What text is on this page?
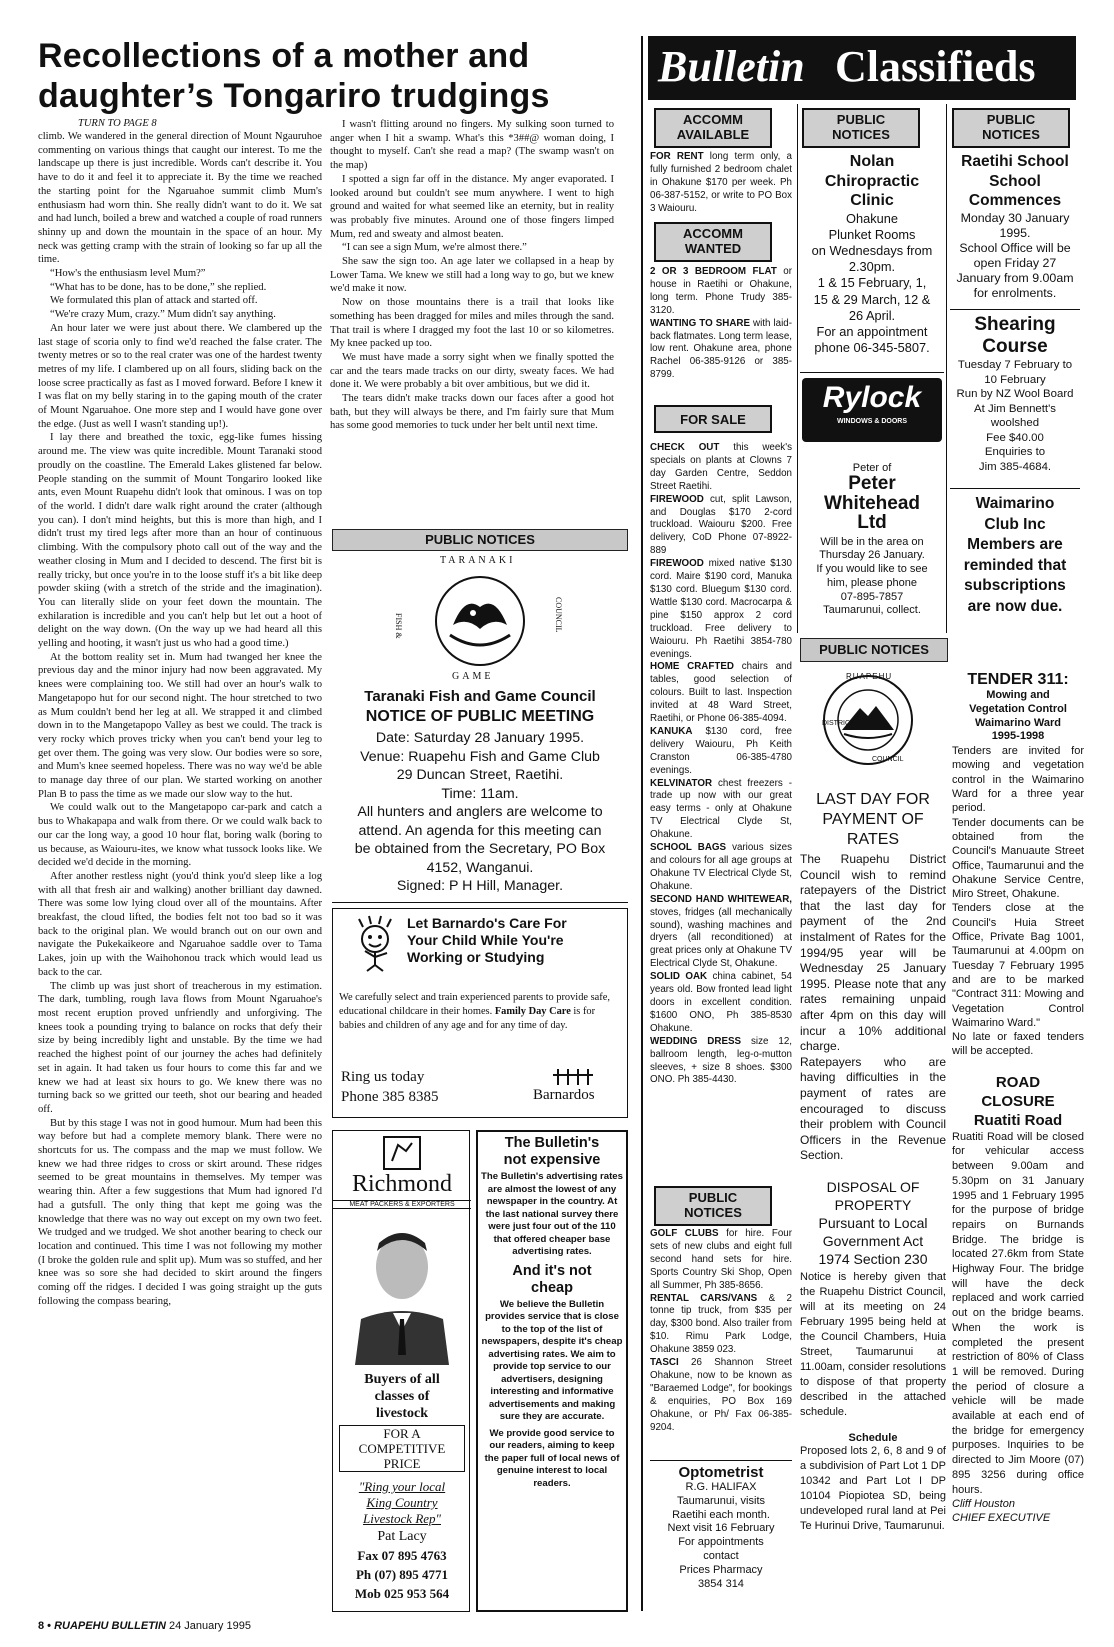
Recollections of a mother and
daughter’s Tongariro trudgings
TURN TO PAGE 8

climb. We wandered in the general direction of Mount Ngauruhoe commenting on various things that caught our interest. To me the landscape up there is just incredible. Words can't describe it. You have to do it and feel it to appreciate it. By the time we reached the starting point for the Ngaruahoe summit climb Mum's enthusiasm had worn thin. She really didn't want to do it. We sat and had lunch, boiled a brew and watched a couple of road runners shinny up and down the mountain in the space of an hour. My neck was getting cramp with the strain of looking so far up all the time.

“How's the enthusiasm level Mum?”

“What has to be done, has to be done,” she replied.

We formulated this plan of attack and started off.

“We're crazy Mum, crazy.” Mum didn't say anything.

An hour later we were just about there. We clambered up the last stage of scoria only to find we'd reached the false crater. The twenty metres or so to the real crater was one of the hardest twenty metres of my life. I clambered up on all fours, sliding back on the loose scree practically as fast as I moved forward. Before I knew it I was flat on my belly staring in to the gaping mouth of the crater of Mount Ngaruahoe. One more step and I would have gone over the edge. (Just as well I wasn't standing up!).

I lay there and breathed the toxic, egg-like fumes hissing around me. The view was quite incredible. Mount Taranaki stood proudly on the coastline. The Emerald Lakes glistened far below. People standing on the summit of Mount Tongariro looked like ants, even Mount Ruapehu didn't look that ominous. I was on top of the world. I didn't dare walk right around the crater (although you can). I don't mind heights, but this is more than high, and I didn't trust my tired legs after more than an hour of continuous climbing. With the compulsory photo call out of the way and the weather closing in Mum and I decided to descend. The first bit is really tricky, but once you're in to the loose stuff it's a bit like deep powder skiing (with a stretch of the stride and the imagination). You can literally slide on your feet down the mountain. The exhilaration is incredible and you can't help but let out a hoot of delight on the way down. (On the way up we had heard all this yelling and hooting, it wasn't just us who had a good time.)

At the bottom reality set in. Mum had twanged her knee the previous day and the minor injury had now been aggravated. My knees were complaining too. We still had over an hour's walk to Mangetapopo hut for our second night. The hour stretched to two as Mum couldn't bend her leg at all. We strapped it and climbed down in to the Mangetapopo Valley as best we could. The track is very rocky which proves tricky when you can't bend your leg to get over them. The going was very slow. Our bodies were so sore, and Mum's knee seemed hopeless. There was no way we'd be able to manage day three of our plan. We started working on another Plan B to pass the time as we made our slow way to the hut.

We could walk out to the Mangetapopo car-park and catch a bus to Whakapapa and walk from there. Or we could walk back to our car the long way, a good 10 hour flat, boring walk (boring to us because, as Waiouru-ites, we know what tussock looks like. We decided we'd decide in the morning.

After another restless night (you'd think you'd sleep like a log with all that fresh air and walking) another brilliant day dawned. There was some low lying cloud over all of the mountains. After breakfast, the cloud lifted, the bodies felt not too bad so it was back to the original plan. We would branch out on our own and navigate the Pukekaikeore and Ngaruahoe saddle over to Tama Lakes, join up with the Waihohonou track which would lead us back to the car.

The climb up was just short of treacherous in my estimation. The dark, tumbling, rough lava flows from Mount Ngaruahoe's most recent eruption proved unfriendly and unforgiving. The knees took a pounding trying to balance on rocks that defy their size by being incredibly light and unstable. By the time we had reached the highest point of our journey the aches had definitely set in again. It had taken us four hours to come this far and we knew we had at least six hours to go. We knew there was no turning back so we gritted our teeth, shot our bearing and headed off.

But by this stage I was not in good humour. Mum had been this way before but had a complete memory blank. There were no shortcuts for us. The compass and the map we must follow. We knew we had three ridges to cross or skirt around. These ridges seemed to be great mountains in themselves. My temper was wearing thin. After a few suggestions that Mum had ignored I'd had a gutsfull. The only thing that kept me going was the knowledge that there was no way out except on my own two feet. We trudged and we trudged. We shot another bearing to check our location and continued. This time I was not following my mother (I broke the golden rule and split up). Mum was so stuffed, and her knee was so sore she had decided to skirt around the fingers coming off the ridges. I decided I was going straight up the guts following the compass bearing,

I wasn't flitting around no fingers. My sulking soon turned to anger when I hit a swamp. What's this *3##@ woman doing, I thought to myself. Can't she read a map? (The swamp wasn't on the map)

I spotted a sign far off in the distance. My anger evaporated. I looked around but couldn't see mum anywhere. I went to high ground and waited for what seemed like an eternity, but in reality was probably five minutes. Around one of those fingers limped Mum, red and sweaty and almost beaten.

“I can see a sign Mum, we're almost there.”

She saw the sign too. An age later we collapsed in a heap by Lower Tama. We knew we still had a long way to go, but we knew we'd make it now.

Now on those mountains there is a trail that looks like something has been dragged for miles and miles through the sand. That trail is where I dragged my foot the last 10 or so kilometres. My knee packed up too.

We must have made a sorry sight when we finally spotted the car and the tears made tracks on our dirty, sweaty faces. We had done it. We were probably a bit over ambitious, but we did it.

The tears didn't make tracks down our faces after a good hot bath, but they will always be there, and I'm fairly sure that Mum has some good memories to tuck under her belt until next time.

PUBLIC NOTICES
TARANAKI
GAME
FISH &	COUNCIL
Taranaki Fish and Game Council
NOTICE OF PUBLIC MEETING
Date: Saturday 28 January 1995.
Venue: Ruapehu Fish and Game Club
29 Duncan Street, Raetihi.
Time: 11am.
All hunters and anglers are welcome to
attend. An agenda for this meeting can
be obtained from the Secretary, PO Box
4152, Wanganui.
Signed: P H Hill, Manager.
Let Barnardo's Care For
Your Child While You're
Working or Studying
We carefully select and train experienced parents to provide safe, educational childcare in their homes. Family Day Care is for babies and children of any age and for any time of day.
Ring us today
Phone 385 8385	Barnardos
Richmond
MEAT PACKERS & EXPORTERS
Buyers of all
classes of
livestock
FOR A
COMPETITIVE
PRICE
"Ring your local
King Country
Livestock Rep"
Pat Lacy
Fax 07 895 4763
Ph (07) 895 4771
Mob 025 953 564
The Bulletin's
not expensive
The Bulletin's advertising rates are almost the lowest of any newspaper in the country. At the last national survey there were just four out of the 110 that offered cheaper base advertising rates.
And it's not
cheap
We believe the Bulletin provides service that is close to the top of the list of newspapers, despite it's cheap advertising rates. We aim to provide top service to our advertisers, designing interesting and informative advertisements and making sure they are accurate.
We provide good service to our readers, aiming to keep the paper full of local news of genuine interest to local readers.
Bulletin Classifieds
ACCOMM
AVAILABLE
FOR RENT long term only, a fully furnished 2 bedroom chalet in Ohakune $170 per week. Ph 06-387-5152, or write to PO Box 3 Waiouru.
ACCOMM
WANTED
2 OR 3 BEDROOM FLAT or house in Raetihi or Ohakune, long term. Phone Trudy 385-3120.
WANTING TO SHARE with laid-back flatmates. Long term lease, low rent. Ohakune area, phone Rachel 06-385-9126 or 385-8799.
FOR SALE
CHECK OUT this week's specials on plants at Clowns 7 day Garden Centre, Seddon Street Raetihi.
FIREWOOD cut, split Lawson, and Douglas $170 2-cord truckload. Waiouru $200. Free delivery, CoD Phone 07-8922-889
FIREWOOD mixed native $130 cord. Maire $190 cord, Manuka $130 cord. Bluegum $130 cord. Wattle $130 cord. Macrocarpa & pine $150 approx 2 cord truckload. Free delivery to Waiouru. Ph Raetihi 3854-780 evenings.
HOME CRAFTED chairs and tables, good selection of colours. Built to last. Inspection invited at 48 Ward Street, Raetihi, or Phone 06-385-4094.
KANUKA $130 cord, free delivery Waiouru, Ph Keith Cranston 06-385-4780 evenings.
KELVINATOR chest freezers - trade up now with our great easy terms - only at Ohakune TV Electrical Clyde St, Ohakune.
SCHOOL BAGS various sizes and colours for all age groups at Ohakune TV Electrical Clyde St, Ohakune.
SECOND HAND WHITEWEAR, stoves, fridges (all mechanically sound), washing machines and dryers (all reconditioned) at great prices only at Ohakune TV Electrical Clyde St, Ohakune.
SOLID OAK china cabinet, 54 years old. Bow fronted lead light doors in excellent condition. $1600 ONO, Ph 385-8530 Ohakune.
WEDDING DRESS size 12, ballroom length, leg-o-mutton sleeves, + size 8 shoes. $300 ONO. Ph 385-4430.
PUBLIC
NOTICES
GOLF CLUBS for hire. Four sets of new clubs and eight full second hand sets for hire. Sports Country Ski Shop, Open all Summer, Ph 385-8656.
RENTAL CARS/VANS & 2 tonne tip truck, from $35 per day, $300 bond. Also trailer from $10. Rimu Park Lodge, Ohakune 3859 023.
TASCI 26 Shannon Street Ohakune, now to be known as "Baraemed Lodge", for bookings & enquiries, PO Box 169 Ohakune, or Ph/ Fax 06-385-9204.
Optometrist
R.G. HALIFAX
Taumarunui, visits
Raetihi each month.
Next visit 16 February
For appointments
contact
Prices Pharmacy
3854 314
PUBLIC
NOTICES
Nolan
Chiropractic
Clinic
Ohakune
Plunket Rooms
on Wednesdays from
2.30pm.
1 & 15 February, 1,
15 & 29 March, 12 &
26 April.
For an appointment
phone 06-345-5807.
Rylock
WINDOWS & DOORS
Peter of
Peter
Whitehead
Ltd
Will be in the area on
Thursday 26 January.
If you would like to see
him, please phone
07-895-7857
Taumarunui, collect.
PUBLIC
NOTICES
Raetihi School
School
Commences
Monday 30 January
1995.
School Office will be
open Friday 27
January from 9.00am
for enrolments.
Shearing
Course
Tuesday 7 February to
10 February
Run by NZ Wool Board
At Jim Bennett's
woolshed
Fee $40.00
Enquiries to
Jim 385-4684.
Waimarino
Club Inc
Members are
reminded that
subscriptions
are now due.
PUBLIC NOTICES
RUAPEHU
DISTRICT
COUNCIL
LAST DAY FOR
PAYMENT OF
RATES
The Ruapehu District Council wish to remind ratepayers of the District that the last day for payment of the 2nd instalment of Rates for the 1994/95 year will be Wednesday 25 January 1995. Please note that any rates remaining unpaid after 4pm on this day will incur a 10% additional charge.
Ratepayers who are having difficulties in the payment of rates are encouraged to discuss their problem with Council Officers in the Revenue Section.
DISPOSAL OF
PROPERTY
Pursuant to Local
Government Act
1974 Section 230
Notice is hereby given that the Ruapehu District Council, will at its meeting on 24 February 1995 being held at the Council Chambers, Huia Street, Taumarunui at 11.00am, consider resolutions to dispose of that property described in the attached schedule.
Schedule
Proposed lots 2, 6, 8 and 9 of a subdivision of Part Lot 1 DP 10342 and Part Lot I DP 10104 Piopiotea SD, being undeveloped rural land at Pei Te Hurinui Drive, Taumarunui.
TENDER 311:
Mowing and
Vegetation Control
Waimarino Ward
1995-1998
Tenders are invited for mowing and vegetation control in the Waimarino Ward for a three year period.
Tender documents can be obtained from the Council's Manuaute Street Office, Taumarunui and the Ohakune Service Centre, Miro Street, Ohakune.
Tenders close at the Council's Huia Street Office, Private Bag 1001, Taumarunui at 4.00pm on Tuesday 7 February 1995 and are to be marked "Contract 311: Mowing and Vegetation Control Waimarino Ward."
No late or faxed tenders will be accepted.
ROAD
CLOSURE
Ruatiti Road
Ruatiti Road will be closed for vehicular access between 9.00am and 5.30pm on 31 January 1995 and 1 February 1995 for the purpose of bridge repairs on Burnands Bridge. The bridge is located 27.6km from State Highway Four. The bridge will have the deck replaced and work carried out on the bridge beams. When the work is completed the present restriction of 80% of Class 1 will be removed. During the period of closure a vehicle will be made available at each end of the bridge for emergency purposes. Inquiries to be directed to Jim Moore (07) 895 3256 during office hours.
Cliff Houston
CHIEF EXECUTIVE
8 • RUAPEHU BULLETIN 24 January 1995
